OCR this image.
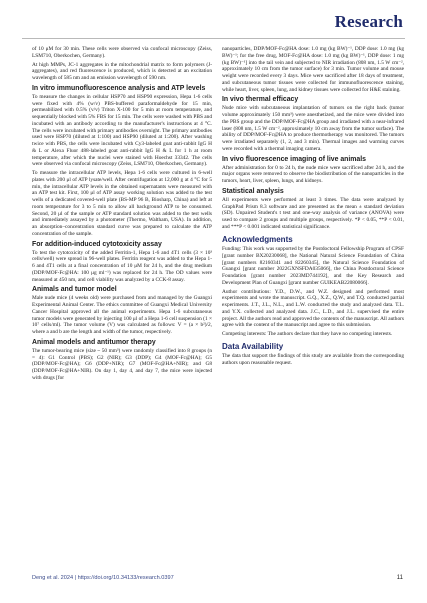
Research

of 10 μM for 30 min. These cells were observed via confocal microscopy (Zeiss, LSM710, Oberkochen, Germany).

At high MMPs, JC-1 aggregates in the mitochondrial matrix to form polymers (J-aggregates), and red fluorescence is produced, which is detected at an excitation wavelength of 585 nm and an emission wavelength of 590 nm.

In vitro immunofluorescence analysis and ATP levels

To measure the changes in cellular HSP70 and HSP90 expression, Hepa 1-6 cells were fixed with 4% (w/v) PBS-buffered paraformaldehyde for 15 min, permeabilized with 0.5% (v/v) Triton X-100 for 5 min at room temperature, and sequentially blocked with 5% FBS for 15 min. The cells were washed with PBS and incubated with an antibody according to the manufacturer's instructions at 4 °C. The cells were incubated with primary antibodies overnight. The primary antibodies used were HSP70 (diluted at 1:100) and HSP90 (diluted at 1:200). After washing twice with PBS, the cells were incubated with Cy3-labeled goat anti-rabbit IgG H & L or Alexa Fluor 488-labeled goat anti-rabbit IgG H & L for 1 h at room temperature, after which the nuclei were stained with Hoechst 33342. The cells were observed via confocal microscopy (Zeiss, LSM710, Oberkochen, Germany).

To measure the intracellular ATP levels, Hepa 1-6 cells were cultured in 6-well plates with 200 μl of ATP lysate/well. After centrifugation at 12,000 g at 4 °C for 5 min, the intracellular ATP levels in the obtained supernatants were measured with an ATP test kit. First, 100 μl of ATP assay working solution was added to the test wells of a dedicated covered-well plate (BS-MP 96 B, Biosharp, China) and left at room temperature for 3 to 5 min to allow all background ATP to be consumed. Second, 20 μl of the sample or ATP standard solution was added to the test wells and immediately assayed by a photometer (Thermo, Waltham, USA). In addition, an absorption–concentration standard curve was prepared to calculate the ATP concentration of the sample.

For addition-induced cytotoxicity assay

To test the cytotoxicity of the added Ferritin-1, Hepa 1-6 and 4T1 cells (3 × 10³ cells/well) were spread in 96-well plates. Ferritin reagent was added to the Hepa 1-6 and 4T1 cells at a final concentration of 10 μM for 24 h, and the drug medium (DDP/MOF-Fc@HA: 100 μg ml⁻¹) was replaced for 24 h. The OD values were measured at 450 nm, and cell viability was analyzed by a CCK-8 assay.

Animals and tumor model

Male nude mice (4 weeks old) were purchased from and managed by the Guangxi Experimental Animal Center. The ethics committee of Guangxi Medical University Cancer Hospital approved all the animal experiments. Hepa 1-6 subcutaneous tumor models were generated by injecting 100 μl of a Hepa 1-6 cell suspension (1 × 10⁷ cells/ml). The tumor volume (V) was calculated as follows: V = (a × b²)/2, where a and b are the length and width of the tumor, respectively.

Animal models and antitumor therapy

The tumor-bearing mice (size ~ 50 mm³) were randomly classified into 8 groups (n = 4): G1 Control (PBS); G2 (NIR); G3 (DDP); G4 (MOF-Fc@HA); G5 (DDP/MOF-Fc@HA); G6 (DDP+NIR); G7 (MOF-Fc@HA+NIR); and G8 (DDP/MOF-Fc@HA+NIR). On day 1, day 4, and day 7, the mice were injected with drugs [for

nanoparticles, DDP/MOF-Fc@HA dose: 1.0 mg (kg BW)⁻¹, DDP dose: 1.0 mg (kg BW)⁻¹; for the free drug, MOF-Fc@HA dose: 1.0 mg (kg BW)⁻¹, DDP dose: 1 mg (kg BW)⁻¹] into the tail vein and subjected to NIR irradiation (808 nm, 1.5 W cm⁻², approximately 10 cm from the tumor surface) for 3 min. Tumor volume and mouse weight were recorded every 3 days. Mice were sacrificed after 18 days of treatment, and subcutaneous tumor tissues were collected for immunofluorescence staining, while heart, liver, spleen, lung, and kidney tissues were collected for H&E staining.

In vivo thermal efficacy

Nude mice with subcutaneous implantation of tumors on the right back (tumor volume approximately 150 mm³) were anesthetized, and the mice were divided into the PBS group and the DDP/MOF-Fc@HA group and irradiated with a near-infrared laser (808 nm, 1.5 W cm⁻², approximately 10 cm away from the tumor surface). The ability of DDP/MOF-Fc@HA to produce thermotherapy was monitored. The tumors were irradiated separately (1, 2, and 3 min). Thermal images and warming curves were recorded with a thermal imaging camera.

In vivo fluorescence imaging of live animals

After administration for 0 to 24 h, the nude mice were sacrificed after 24 h, and the major organs were removed to observe the biodistribution of the nanoparticles in the tumors, heart, liver, spleen, lungs, and kidneys.

Statistical analysis

All experiments were performed at least 3 times. The data were analyzed by GraphPad Prism 8.3 software and are presented as the mean ± standard deviation (SD). Unpaired Student's t test and one-way analysis of variance (ANOVA) were used to compare 2 groups and multiple groups, respectively. *P < 0.05, **P < 0.01, and ***P < 0.001 indicated statistical significance.

Acknowledgments

Funding: This work was supported by the Postdoctoral Fellowship Program of CPSF [grant number BX20230068], the National Natural Science Foundation of China [grant numbers 82160341 and 82260345], the Natural Science Foundation of Guangxi [grant number 2022GXNSFDA035066], the China Postdoctoral Science Foundation [grant number 2023MD744192], and the Key Research and Development Plan of Guangxi [grant number GUIKEAB22080066].

Author contributions: Y.D., D.W., and W.Z. designed and performed most experiments and wrote the manuscript. G.Q., X.Z., Q.W., and T.Q. conducted partial experiments. J.T., J.L., N.L., and L.W. conducted the study and analyzed data. T.L. and Y.X. collected and analyzed data. J.C., L.D., and J.L. supervised the entire project. All the authors read and approved the contents of the manuscript. All authors agree with the content of the manuscript and agree to this submission.

Competing interests: The authors declare that they have no competing interests.

Data Availability

The data that support the findings of this study are available from the corresponding authors upon reasonable request.

Deng et al. 2024 | https://doi.org/10.34133/research.0397	11
